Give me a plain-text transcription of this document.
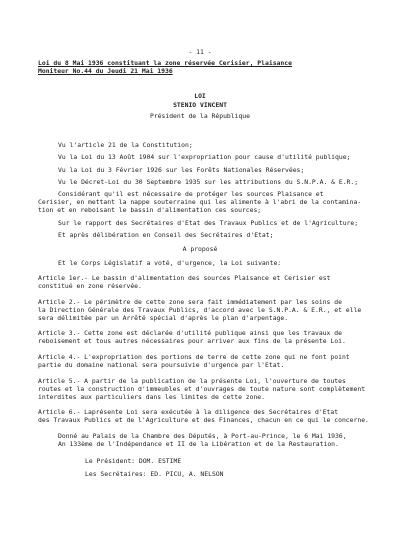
- 11 -
Loi du 8 Mai 1936 constituant la zone réservée Cerisier, Plaisance
Moniteur No.44 du Jeudi 21 Mai 1936
LOI
STENIO VINCENT
Président de la République
Vu l'article 21 de la Constitution;
Vu la Loi du 13 Août 1904 sur l'expropriation pour cause d'utilité publique;
Vu la Loi du 3 Février 1926 sur les Forêts Nationales Réservées;
Vu le Décret-Loi du 30 Septembre 1935 sur les attributions du S.N.P.A. & E.R.;
Considérant qu'il est nécessaire de protéger les sources Plaisance et
Cerisier, en mettant la nappe souterraine qui les alimente à l'abri de la contamina-
tion et en reboisant le bassin d'alimentation ces sources;
Sur le rapport des Secrétaires d'Etat des Travaux Publics et de l'Agriculture;
Et après délibération en Conseil des Secrétaires d'Etat;
A proposé
Et le Corps Législatif a voté, d'urgence, la Loi suivante:
Article 1er.- Le bassin d'alimentation des sources Plaisance et Cerisier est
constitué en zone réservée.
Article 2.- Le périmètre de cette zone sera fait immédiatement par les soins de
la Direction Générale des Travaux Publics, d'accord avec le S.N.P.A. & E.R., et elle
sera délimitée par un Arrêté spécial d'après le plan d'arpentage.
Article 3.- Cette zone est déclarée d'utilité publique ainsi que les travaux de
reboisement et tous autres nécessaires pour arriver aux fins de la présente Loi.
Article 4.- L'expropriation des portions de terre de cette zone qui ne font point
partie du domaine national sera poursuivie d'urgence par l'Etat.
Article 5.- A partir de la publication de la présente Loi, l'ouverture de toutes
routes et la construction d'immeubles et d'ouvrages de toute nature sont complètement
interdites aux particuliers dans les limites de cette zone.
Article 6.- Laprésente Loi sera exécutée à la diligence des Secrétaires d'Etat
des Travaux Publics et de l'Agriculture et des Finances, chacun en ce qui le concerne.
Donné au Palais de la Chambre des Députés, à Port-au-Prince, le 6 Mai 1936,
An 133ème de l'Indépendance et II de la Libération et de la Restauration.
Le Président: DOM. ESTIME
Les Secrétaires: ED. PICU, A. NELSON
